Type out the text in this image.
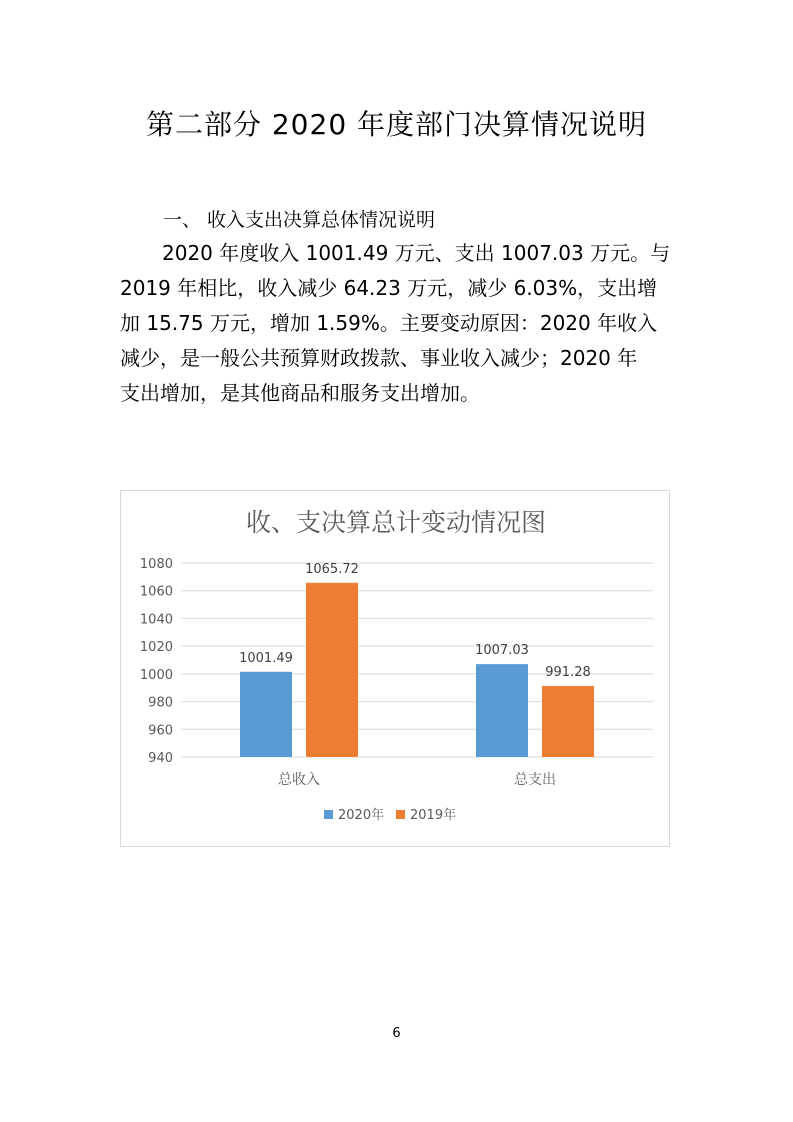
第二部分 2020 年度部门决算情况说明
一、 收入支出决算总体情况说明
2020 年度收入 1001.49 万元、支出 1007.03 万元。与
2019 年相比，收入减少 64.23 万元，减少 6.03%，支出增
加 15.75 万元，增加 1.59%。主要变动原因：2020 年收入
减少，是一般公共预算财政拨款、事业收入减少；2020 年
支出增加，是其他商品和服务支出增加。
收、支决算总计变动情况图
940
960
980
1000
1020
1040
1060
1080
1001.49
1065.72
总收入
1007.03
991.28
总支出
2020年 2019年
6
